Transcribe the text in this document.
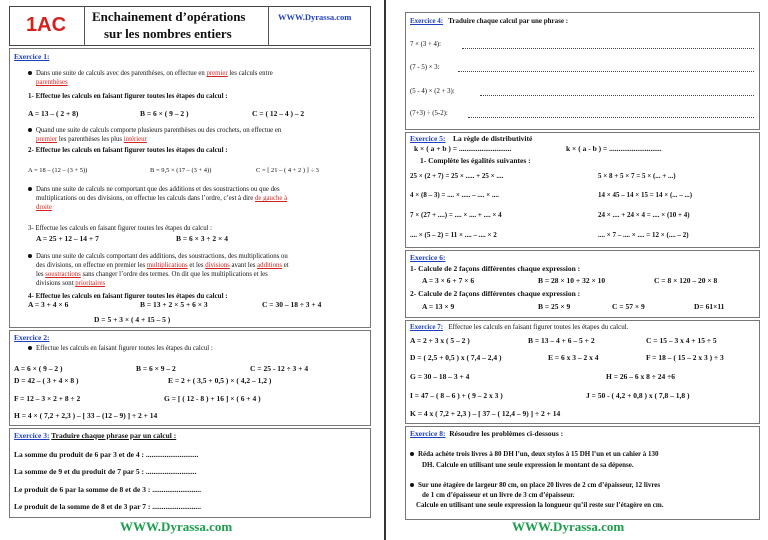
1AC Enchainement d’opérations
sur les nombres entiers
WWW.Dyrassa.com
Exercice 1:
Dans une suite de calculs avec des parenthèses, on effectue en premier les calculs entre
parenthèses
1- Effectue les calculs en faisant figurer toutes les étapes du calcul :
A = 13 – ( 2 + 8)	B = 6 × ( 9 – 2 )	C = ( 12 – 4 ) – 2
Quand une suite de calculs comporte plusieurs parenthèses ou des crochets, on effectue en
premier les parenthèses les plus intérieur
2- Effectue les calculs en faisant figurer toutes les étapes du calcul :
A = 18 – (12 – (3 + 5))	B = 9,5 × (17 – (3 + 4))	C = [ 21 – ( 4 + 2 ) ] ÷ 3
Dans une suite de calculs ne comportant que des additions et des soustractions ou que des
multiplications ou des divisions, on effectue les calculs dans l’ordre, c’est à dire de gauche à
droite
3- Effectue les calculs en faisant figurer toutes les étapes du calcul :
A = 25 + 12 – 14 + 7	B = 6 × 3 ÷ 2 × 4
Dans une suite de calculs comportant des additions, des soustractions, des multiplications ou
des divisions, on effectue en premier les multiplications et les divisions avant les additions et
les soustractions sans changer l’ordre des termes. On dit que les multiplications et les
divisions sont prioritaires
4- Effectue les calculs en faisant figurer toutes les étapes du calcul :
A = 3 + 4 × 6	B = 13 + 2 × 5 + 6 × 3	C = 30 – 18 ÷ 3 + 4
D = 5 + 3 × ( 4 + 15 – 5 )
Exercice 2:
Effectue les calculs en faisant figurer toutes les étapes du calcul :
A = 6 × ( 9 – 2 )	B = 6 × 9 – 2	C = 25 - 12 ÷ 3 + 4
D = 42 – ( 3 + 4 × 8 )	E = 2 + ( 3,5 + 0,5 ) × ( 4,2 – 1,2 )
F = 12 – 3 × 2 + 8 ÷ 2	G = [ ( 12 - 8 ) + 16 ] × ( 6 + 4 )
H = 4 × ( 7,2 + 2,3 ) – [ 33 – (12 – 9) ] ÷ 2 + 14
Exercice 3: Traduire chaque phrase par un calcul :
La somme du produit de 6 par 3 et de 4 : ............................
La somme de 9 et du produit de 7 par 5 : ...........................
Le produit de 6 par la somme de 8 et de 3 : ..........................
Le produit de la somme de 8 et de 3 par 7 : ..........................
WWW.Dyrassa.com
Exercice 4: Traduire chaque calcul par une phrase :
7 × (3 + 4):
(7 - 5) × 3:
(5 - 4) × (2 + 3):
(7+3) ÷ (5-2):
Exercice 5: La règle de distributivité
k × ( a + b ) = ............................	k × ( a - b ) = ............................
1- Complète les égalités suivantes :
25 × (2 + 7) = 25 × ..... + 25 × ....	5 × 8 + 5 × 7 = 5 × (... + ...)
4 × (8 – 3) = .... × ..... – .... × ....	14 × 45 – 14 × 15 = 14 × (... – ...)
7 × (27 + ....) = .... × .... + .... × 4	24 × .... + 24 × 4 = .... × (10 + 4)
.... × (5 – 2) = 11 × .... – .... × 2	.... × 7 – .... × .... = 12 × (.... – 2)
Exercice 6:
1- Calcule de 2 façons différentes chaque expression :
A = 3 × 6 + 7 × 6	B = 28 × 10 + 32 × 10	C = 8 × 120 – 20 × 8
2- Calcule de 2 façons différentes chaque expression :
A = 13 × 9	B = 25 × 9	C = 57 × 9	D= 61×11
Exercice 7: Effectue les calculs en faisant figurer toutes les étapes du calcul.
A = 2 + 3 x ( 5 – 2 )	B = 13 – 4 + 6 – 5 + 2	C = 15 – 3 x 4 + 15 ÷ 5
D = ( 2,5 + 0,5 ) x ( 7,4 – 2,4 )	E = 6 x 3 – 2 x 4	F = 18 – ( 15 – 2 x 3 ) ÷ 3
G = 30 – 18 – 3 + 4	H = 26 – 6 x 8 ÷ 24 ÷6
I = 47 – ( 8 – 6 ) + ( 9 – 2 x 3 )	J = 50 - ( 4,2 + 0,8 ) x ( 7,8 – 1,8 )
K = 4 x ( 7,2 + 2,3 ) – [ 37 – ( 12,4 – 9) ] ÷ 2 + 14
Exercice 8: Résoudre les problèmes ci-dessous :
Réda achète trois livres à 80 DH l’un, deux stylos à 15 DH l’un et un cahier à 130
DH. Calcule en utilisant une seule expression le montant de sa dépense.
Sur une étagère de largeur 80 cm, on place 20 livres de 2 cm d’épaisseur, 12 livres
de 1 cm d’épaisseur et un livre de 3 cm d’épaisseur.
Calcule en utilisant une seule expression la longueur qu’il reste sur l’étagère en cm.
WWW.Dyrassa.com
